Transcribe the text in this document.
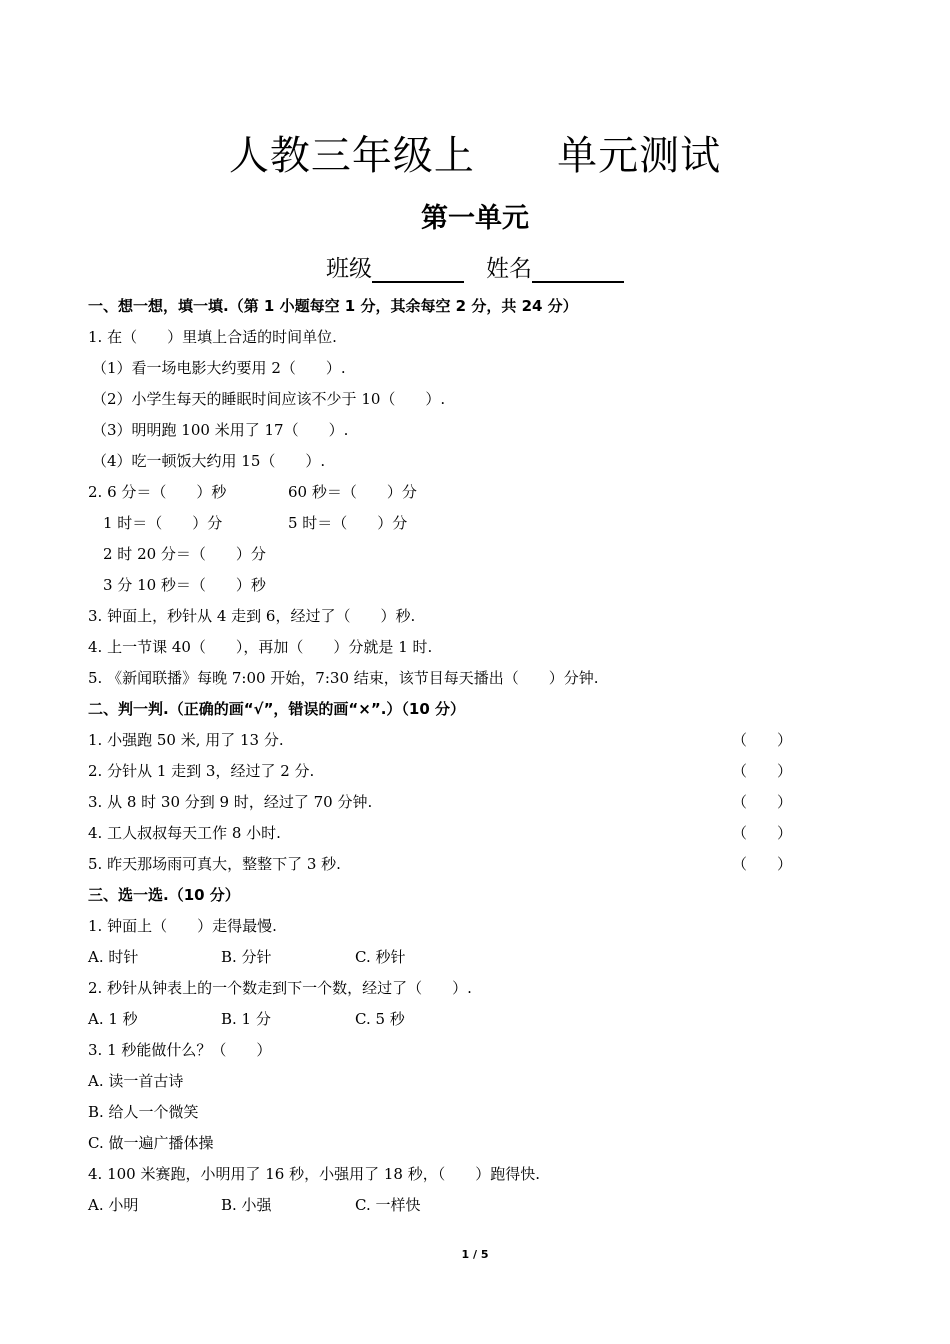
人教三年级上      单元测试
第一单元
班级	姓名
一、想一想，填一填.（第 1 小题每空 1 分，其余每空 2 分，共 24 分）
1. 在（　　）里填上合适的时间单位.
（1）看一场电影大约要用 2（　　）.
（2）小学生每天的睡眠时间应该不少于 10（　　）.
（3）明明跑 100 米用了 17（　　）.
（4）吃一顿饭大约用 15（　　）.
2. 6 分＝（　　）秒	60 秒＝（　　）分
1 时＝（　　）分	5 时＝（　　）分
2 时 20 分＝（　　）分
3 分 10 秒＝（　　）秒
3. 钟面上，秒针从 4 走到 6，经过了（　　）秒.
4. 上一节课 40（　　），再加（　　）分就是 1 时.
5. 《新闻联播》每晚 7:00 开始，7:30 结束，该节目每天播出（　　）分钟.
二、判一判.（正确的画“√”，错误的画“×”.）（10 分）
1. 小强跑 50 米, 用了 13 分.	（　　）
2. 分针从 1 走到 3，经过了 2 分.	（　　）
3. 从 8 时 30 分到 9 时，经过了 70 分钟.	（　　）
4. 工人叔叔每天工作 8 小时.	（　　）
5. 昨天那场雨可真大，整整下了 3 秒.	（　　）
三、选一选.（10 分）
1. 钟面上（　　）走得最慢.
A. 时针	B. 分针	C. 秒针
2. 秒针从钟表上的一个数走到下一个数，经过了（　　）.
A. 1 秒	B. 1 分	C. 5 秒
3. 1 秒能做什么？（　　）
A. 读一首古诗
B. 给人一个微笑
C. 做一遍广播体操
4. 100 米赛跑，小明用了 16 秒，小强用了 18 秒，（　　）跑得快.
A. 小明	B. 小强	C. 一样快
1 / 5
